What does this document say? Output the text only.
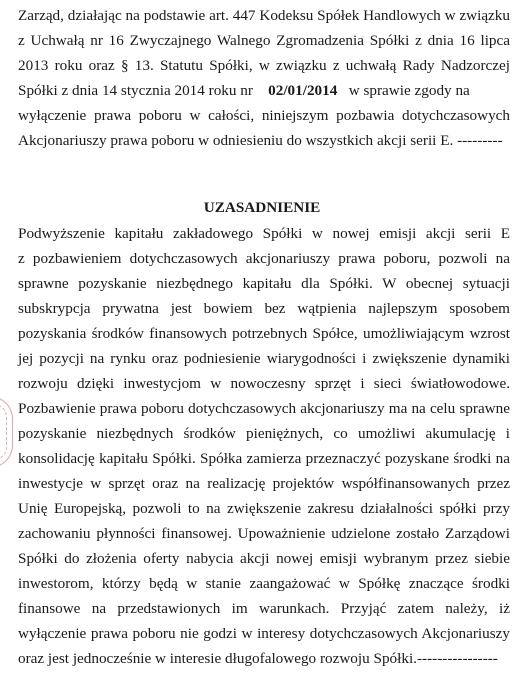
Zarząd, działając na podstawie art. 447 Kodeksu Spółek Handlowych w związku
z Uchwałą nr 16 Zwyczajnego Walnego Zgromadzenia Spółki z dnia 16 lipca
2013 roku oraz § 13. Statutu Spółki, w związku z uchwałą Rady Nadzorczej
Spółki z dnia 14 stycznia 2014 roku nr 02/01/2014 w sprawie zgody na
wyłączenie prawa poboru w całości, niniejszym pozbawia dotychczasowych
Akcjonariuszy prawa poboru w odniesieniu do wszystkich akcji serii E. ---------
UZASADNIENIE
Podwyższenie kapitału zakładowego Spółki w nowej emisji akcji serii E
z pozbawieniem dotychczasowych akcjonariuszy prawa poboru, pozwoli na
sprawne pozyskanie niezbędnego kapitału dla Spółki. W obecnej sytuacji
subskrypcja prywatna jest bowiem bez wątpienia najlepszym sposobem
pozyskania środków finansowych potrzebnych Spółce, umożliwiającym wzrost
jej pozycji na rynku oraz podniesienie wiarygodności i zwiększenie dynamiki
rozwoju dzięki inwestycjom w nowoczesny sprzęt i sieci światłowodowe.
Pozbawienie prawa poboru dotychczasowych akcjonariuszy ma na celu sprawne
pozyskanie niezbędnych środków pieniężnych, co umożliwi akumulację i
konsolidację kapitału Spółki. Spółka zamierza przeznaczyć pozyskane środki na
inwestycje w sprzęt oraz na realizację projektów współfinansowanych przez
Unię Europejską, pozwoli to na zwiększenie zakresu działalności spółki przy
zachowaniu płynności finansowej. Upoważnienie udzielone zostało Zarządowi
Spółki do złożenia oferty nabycia akcji nowej emisji wybranym przez siebie
inwestorom, którzy będą w stanie zaangażować w Spółkę znaczące środki
finansowe na przedstawionych im warunkach. Przyjąć zatem należy, iż
wyłączenie prawa poboru nie godzi w interesy dotychczasowych Akcjonariuszy
oraz jest jednocześnie w interesie długofalowego rozwoju Spółki.----------------
